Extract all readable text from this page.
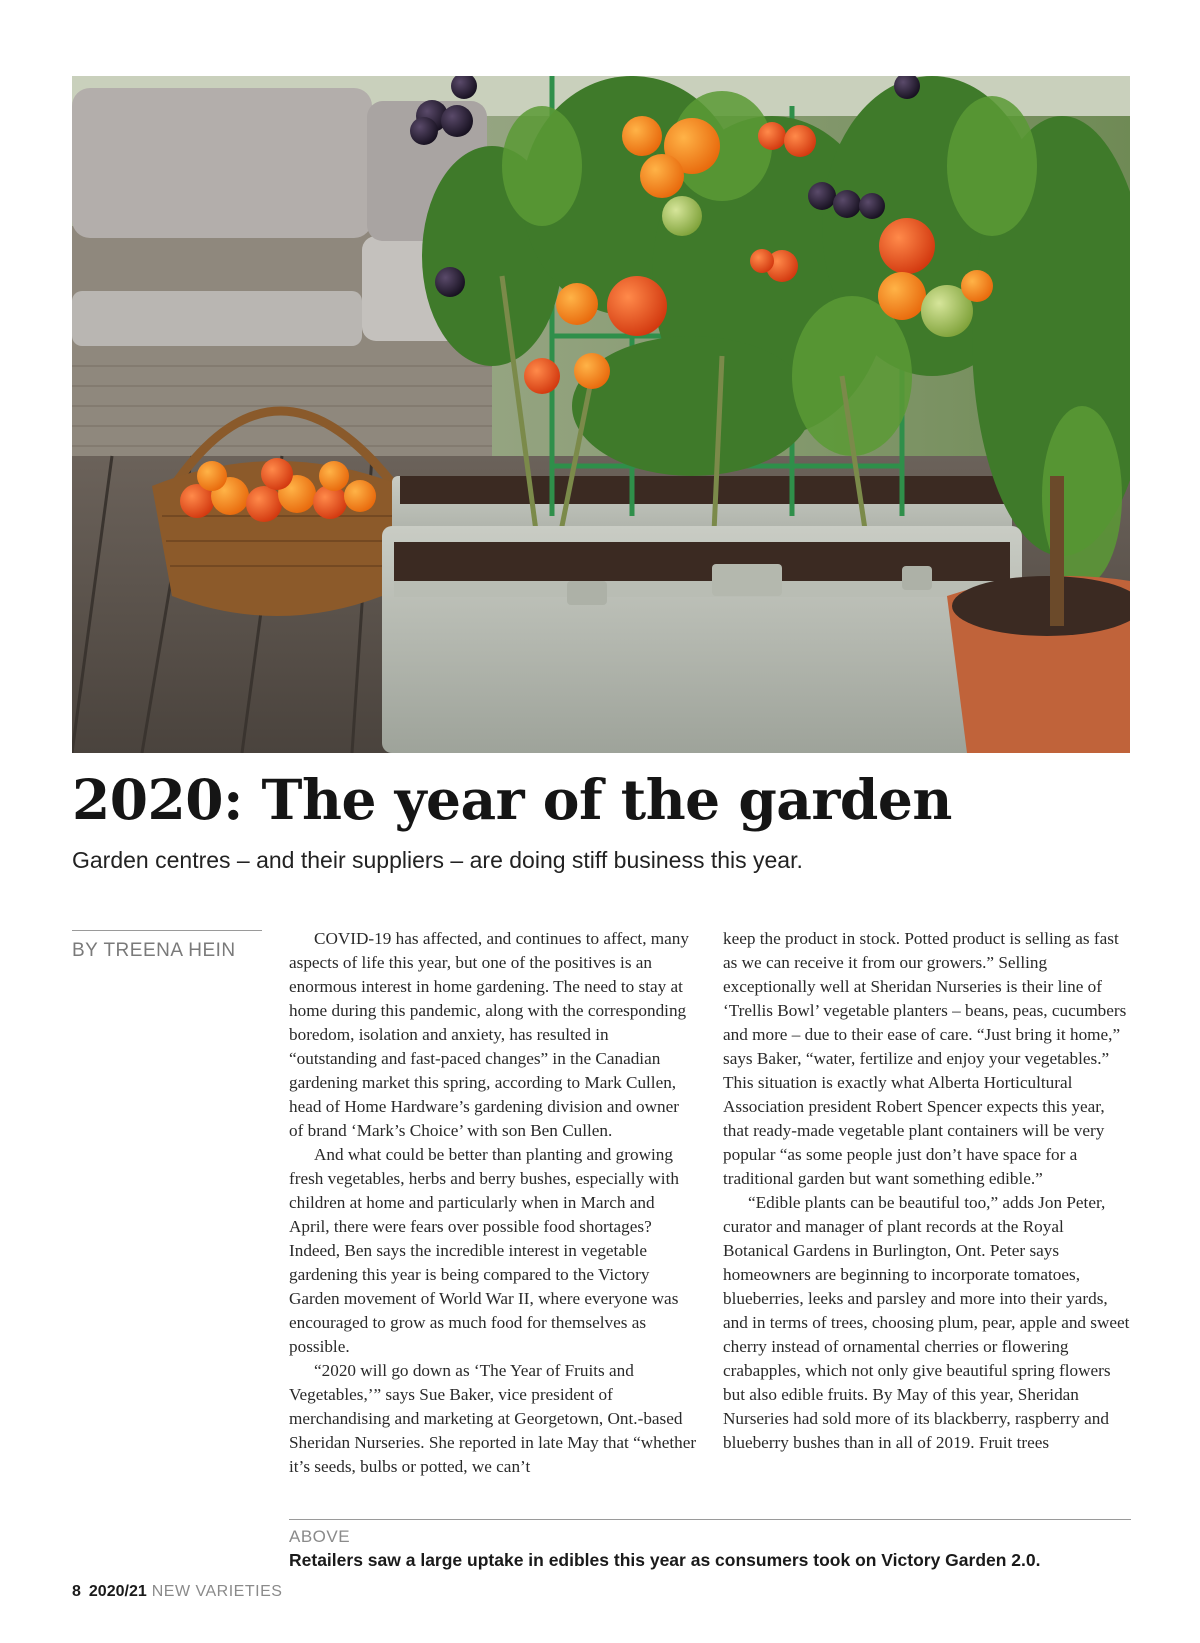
2020: The year of the garden

Garden centres – and their suppliers – are doing stiff business this year.

BY TREENA HEIN

COVID-19 has affected, and continues to affect, many aspects of life this year, but one of the positives is an enormous interest in home gardening. The need to stay at home during this pandemic, along with the corresponding boredom, isolation and anxiety, has resulted in “outstanding and fast-paced changes” in the Canadian gardening market this spring, according to Mark Cullen, head of Home Hardware’s gardening division and owner of brand ‘Mark’s Choice’ with son Ben Cullen.

And what could be better than planting and growing fresh vegetables, herbs and berry bushes, especially with children at home and particularly when in March and April, there were fears over possible food shortages? Indeed, Ben says the incredible interest in vegetable gardening this year is being compared to the Victory Garden movement of World War II, where everyone was encouraged to grow as much food for themselves as possible.

“2020 will go down as ‘The Year of Fruits and Vegetables,’” says Sue Baker, vice president of merchandising and marketing at Georgetown, Ont.-based Sheridan Nurseries. She reported in late May that “whether it’s seeds, bulbs or potted, we can’t

keep the product in stock. Potted product is selling as fast as we can receive it from our growers.” Selling exceptionally well at Sheridan Nurseries is their line of ‘Trellis Bowl’ vegetable planters – beans, peas, cucumbers and more – due to their ease of care. “Just bring it home,” says Baker, “water, fertilize and enjoy your vegetables.” This situation is exactly what Alberta Horticultural Association president Robert Spencer expects this year, that ready-made vegetable plant containers will be very popular “as some people just don’t have space for a traditional garden but want something edible.”

“Edible plants can be beautiful too,” adds Jon Peter, curator and manager of plant records at the Royal Botanical Gardens in Burlington, Ont. Peter says homeowners are beginning to incorporate tomatoes, blueberries, leeks and parsley and more into their yards, and in terms of trees, choosing plum, pear, apple and sweet cherry instead of ornamental cherries or flowering crabapples, which not only give beautiful spring flowers but also edible fruits. By May of this year, Sheridan Nurseries had sold more of its blackberry, raspberry and blueberry bushes than in all of 2019. Fruit trees

ABOVE

Retailers saw a large uptake in edibles this year as consumers took on Victory Garden 2.0.

8 2020/21 NEW VARIETIES
